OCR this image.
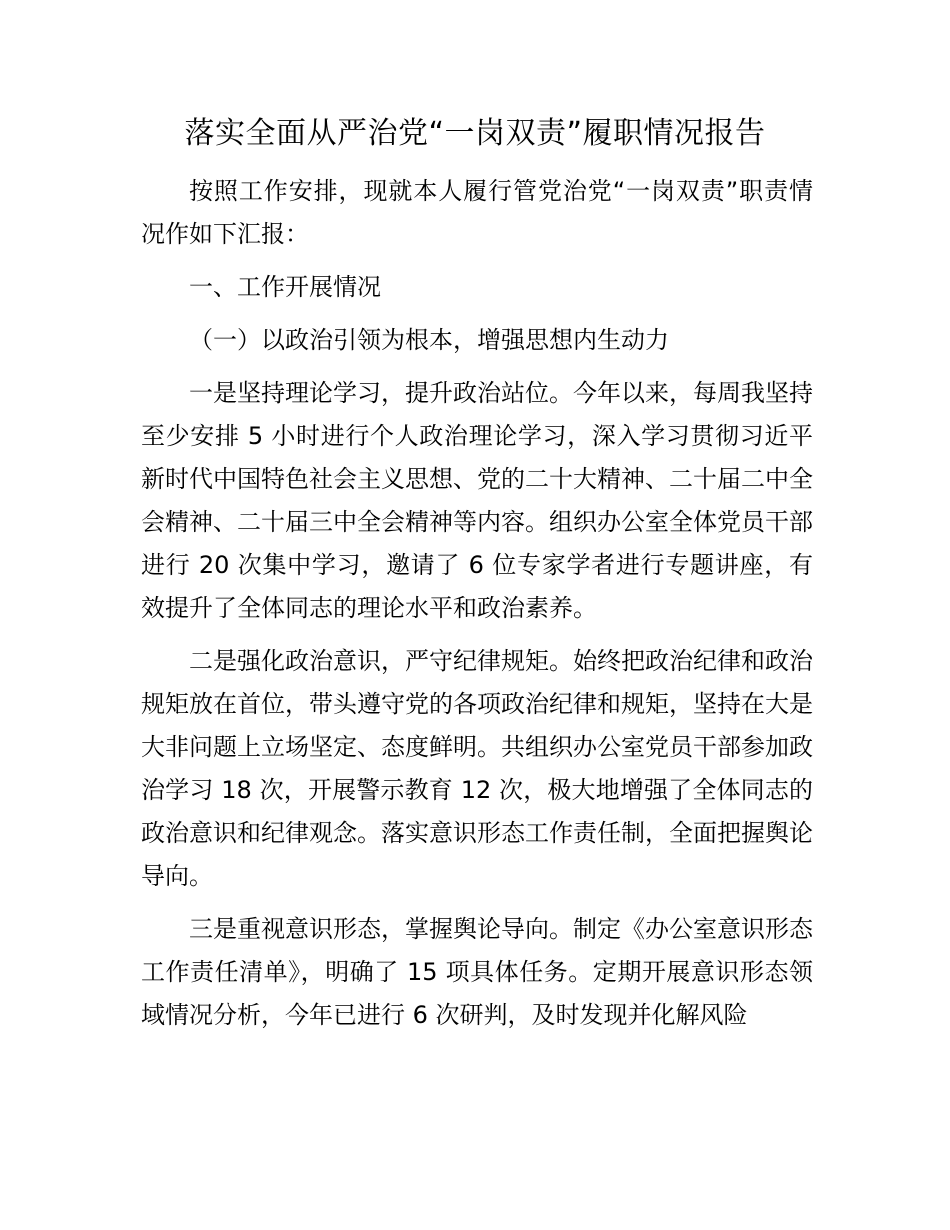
落实全面从严治党“一岗双责”履职情况报告

按照工作安排，现就本人履行管党治党“一岗双责”职责情况作如下汇报：

一、工作开展情况

（一）以政治引领为根本，增强思想内生动力

一是坚持理论学习，提升政治站位。今年以来，每周我坚持至少安排 5 小时进行个人政治理论学习，深入学习贯彻习近平新时代中国特色社会主义思想、党的二十大精神、二十届二中全会精神、二十届三中全会精神等内容。组织办公室全体党员干部进行 20 次集中学习，邀请了 6 位专家学者进行专题讲座，有效提升了全体同志的理论水平和政治素养。

二是强化政治意识，严守纪律规矩。始终把政治纪律和政治规矩放在首位，带头遵守党的各项政治纪律和规矩，坚持在大是大非问题上立场坚定、态度鲜明。共组织办公室党员干部参加政治学习 18 次，开展警示教育 12 次，极大地增强了全体同志的政治意识和纪律观念。落实意识形态工作责任制，全面把握舆论导向。

三是重视意识形态，掌握舆论导向。制定《办公室意识形态工作责任清单》，明确了 15 项具体任务。定期开展意识形态领域情况分析，今年已进行 6 次研判，及时发现并化解风险
